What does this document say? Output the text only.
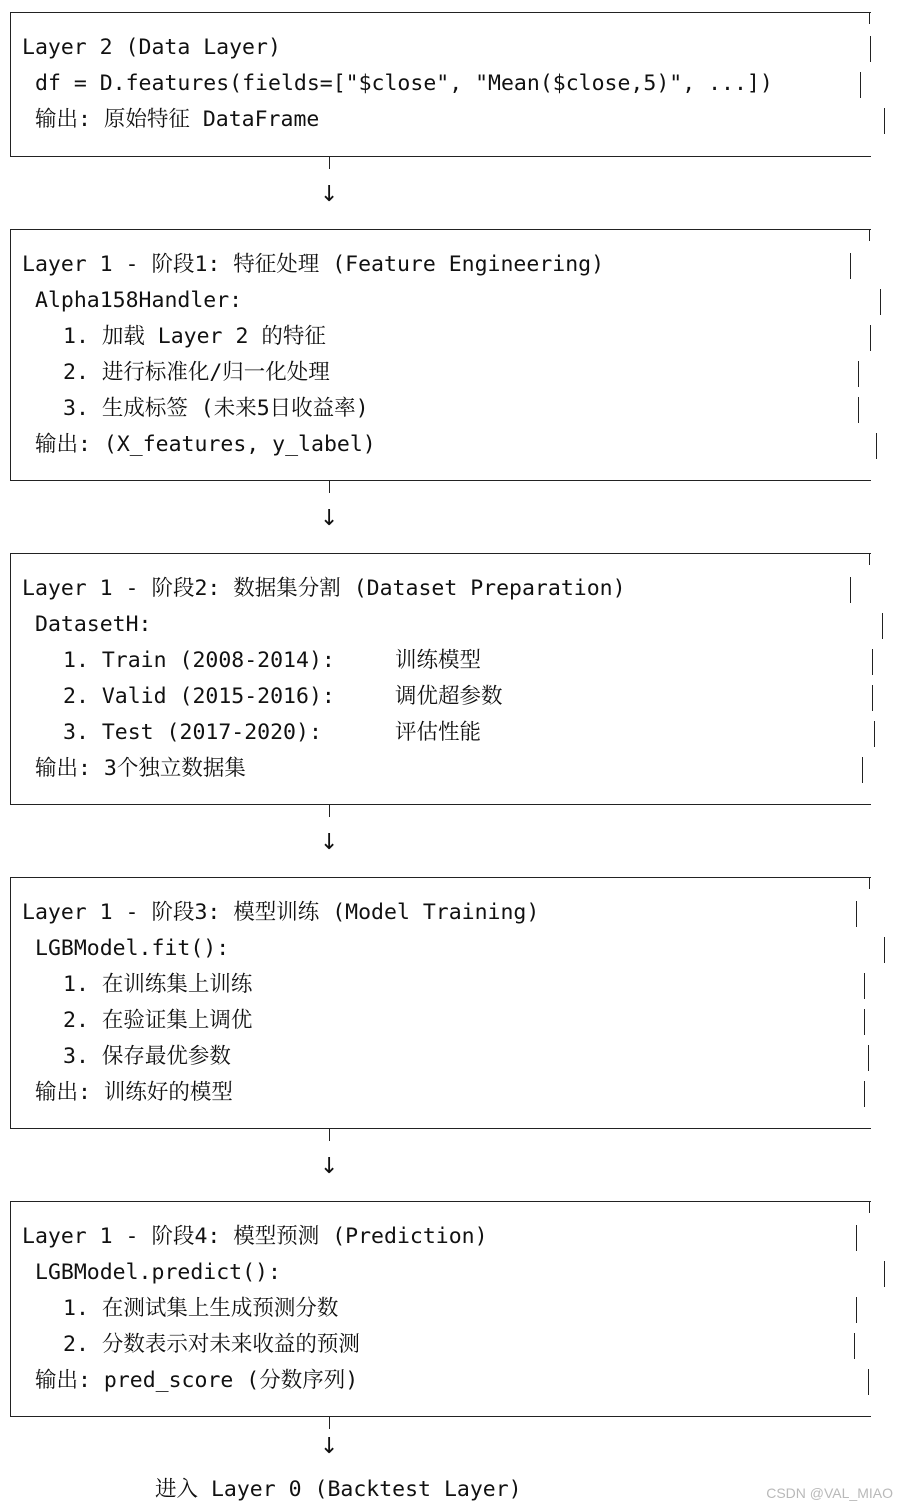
Layer 2 (Data Layer)
df = D.features(fields=["$close", "Mean($close,5)", ...])
输出: 原始特征 DataFrame
↓
Layer 1 - 阶段1: 特征处理 (Feature Engineering)
Alpha158Handler:
1. 加载 Layer 2 的特征
2. 进行标准化/归一化处理
3. 生成标签 (未来5日收益率)
输出: (X_features, y_label)
↓
Layer 1 - 阶段2: 数据集分割 (Dataset Preparation)
DatasetH:
1. Train (2008-2014):	训练模型
2. Valid (2015-2016):	调优超参数
3. Test (2017-2020):	评估性能
输出: 3个独立数据集
↓
Layer 1 - 阶段3: 模型训练 (Model Training)
LGBModel.fit():
1. 在训练集上训练
2. 在验证集上调优
3. 保存最优参数
输出: 训练好的模型
↓
Layer 1 - 阶段4: 模型预测 (Prediction)
LGBModel.predict():
1. 在测试集上生成预测分数
2. 分数表示对未来收益的预测
输出: pred_score (分数序列)
↓
进入 Layer 0 (Backtest Layer)	CSDN @VAL_MIAO
